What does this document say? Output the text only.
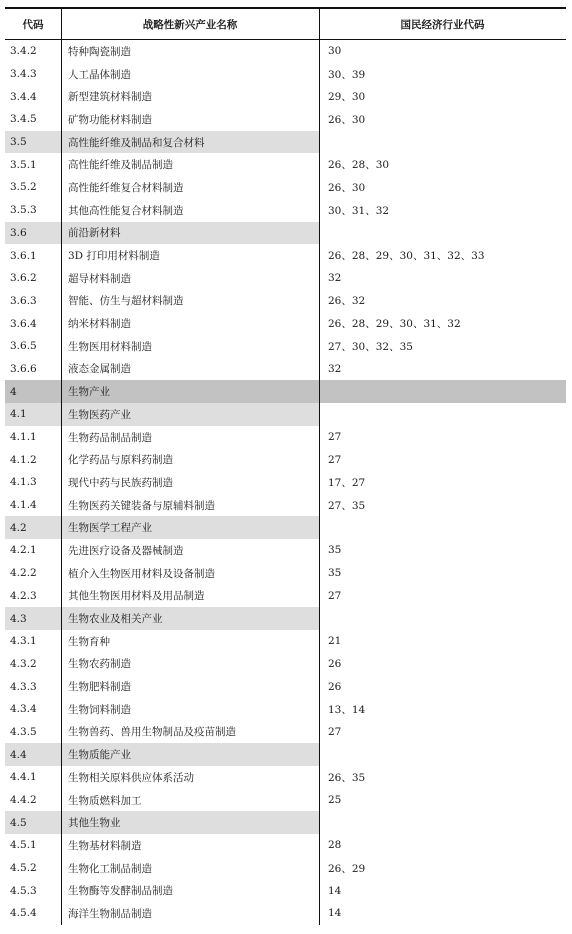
代码	战略性新兴产业名称	国民经济行业代码
3.4.2	特种陶瓷制造	30
3.4.3	人工晶体制造	30、39
3.4.4	新型建筑材料制造	29、30
3.4.5	矿物功能材料制造	26、30
3.5	高性能纤维及制品和复合材料
3.5.1	高性能纤维及制品制造	26、28、30
3.5.2	高性能纤维复合材料制造	26、30
3.5.3	其他高性能复合材料制造	30、31、32
3.6	前沿新材料
3.6.1	3D 打印用材料制造	26、28、29、30、31、32、33
3.6.2	超导材料制造	32
3.6.3	智能、仿生与超材料制造	26、32
3.6.4	纳米材料制造	26、28、29、30、31、32
3.6.5	生物医用材料制造	27、30、32、35
3.6.6	液态金属制造	32
4	生物产业
4.1	生物医药产业
4.1.1	生物药品制品制造	27
4.1.2	化学药品与原料药制造	27
4.1.3	现代中药与民族药制造	17、27
4.1.4	生物医药关键装备与原辅料制造	27、35
4.2	生物医学工程产业
4.2.1	先进医疗设备及器械制造	35
4.2.2	植介入生物医用材料及设备制造	35
4.2.3	其他生物医用材料及用品制造	27
4.3	生物农业及相关产业
4.3.1	生物育种	21
4.3.2	生物农药制造	26
4.3.3	生物肥料制造	26
4.3.4	生物饲料制造	13、14
4.3.5	生物兽药、兽用生物制品及疫苗制造	27
4.4	生物质能产业
4.4.1	生物相关原料供应体系活动	26、35
4.4.2	生物质燃料加工	25
4.5	其他生物业
4.5.1	生物基材料制造	28
4.5.2	生物化工制品制造	26、29
4.5.3	生物酶等发酵制品制造	14
4.5.4	海洋生物制品制造	14
